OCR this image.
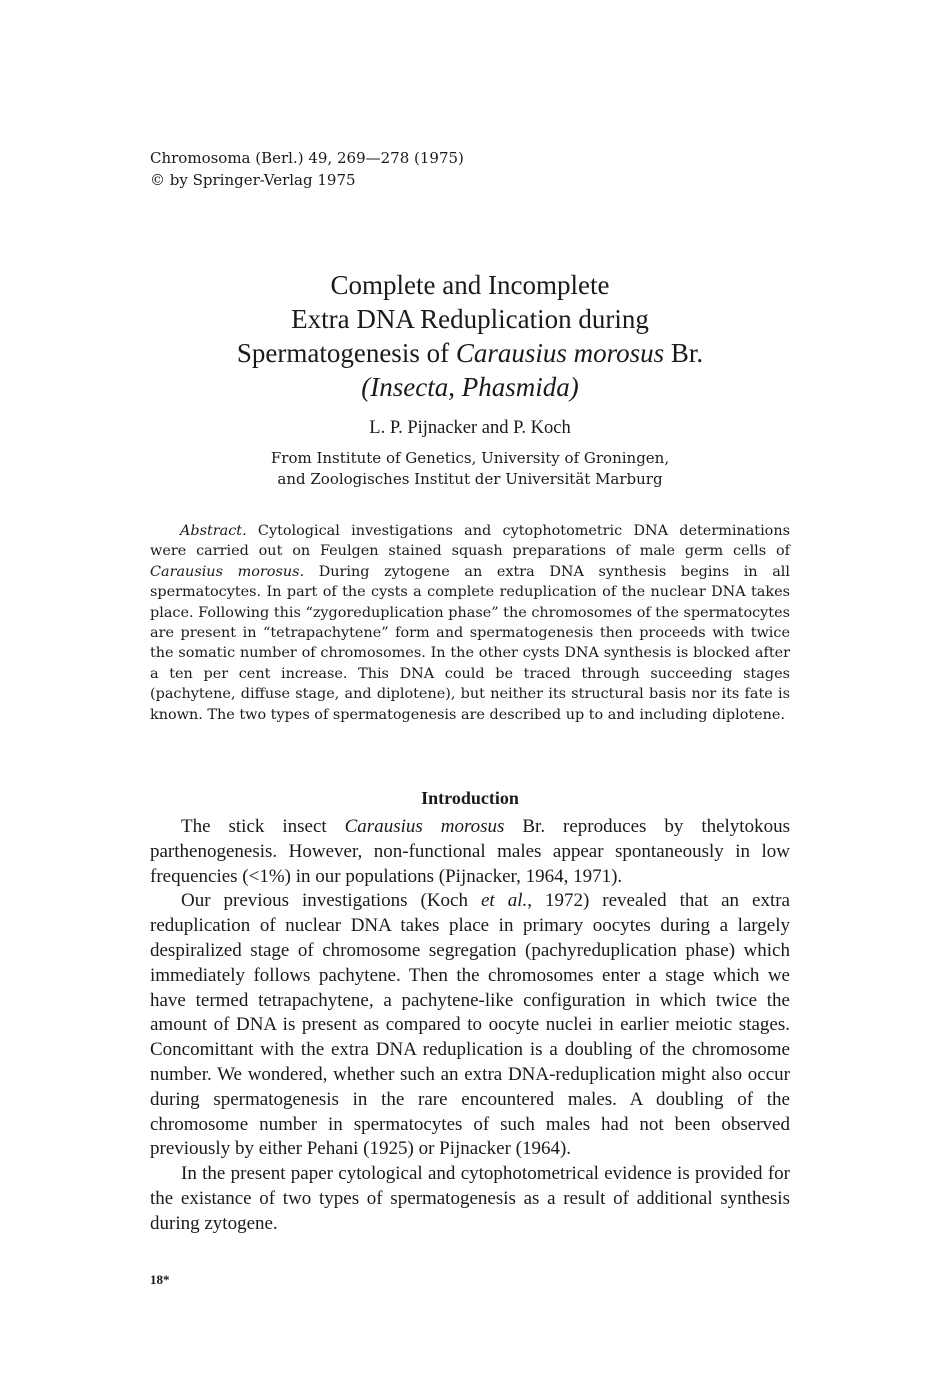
Chromosoma (Berl.) 49, 269—278 (1975)
© by Springer-Verlag 1975
Complete and Incomplete
Extra DNA Reduplication during
Spermatogenesis of Carausius morosus Br.
(Insecta, Phasmida)
L. P. Pijnacker and P. Koch
From Institute of Genetics, University of Groningen,
and Zoologisches Institut der Universität Marburg

Abstract. Cytological investigations and cytophotometric DNA determinations were carried out on Feulgen stained squash preparations of male germ cells of Carausius morosus. During zytogene an extra DNA synthesis begins in all spermatocytes. In part of the cysts a complete reduplication of the nuclear DNA takes place. Following this “zygoreduplication phase” the chromosomes of the spermatocytes are present in “tetrapachytene” form and spermatogenesis then proceeds with twice the somatic number of chromosomes. In the other cysts DNA synthesis is blocked after a ten per cent increase. This DNA could be traced through succeeding stages (pachytene, diffuse stage, and diplotene), but neither its structural basis nor its fate is known. The two types of spermatogenesis are described up to and including diplotene.

Introduction

The stick insect Carausius morosus Br. reproduces by thelytokous parthenogenesis. However, non-functional males appear spontaneously in low frequencies (<1%) in our populations (Pijnacker, 1964, 1971).

Our previous investigations (Koch et al., 1972) revealed that an extra reduplication of nuclear DNA takes place in primary oocytes during a largely despiralized stage of chromosome segregation (pachyreduplication phase) which immediately follows pachytene. Then the chromosomes enter a stage which we have termed tetrapachytene, a pachytene-like configuration in which twice the amount of DNA is present as compared to oocyte nuclei in earlier meiotic stages. Concomittant with the extra DNA reduplication is a doubling of the chromosome number. We wondered, whether such an extra DNA-reduplication might also occur during spermatogenesis in the rare encountered males. A doubling of the chromosome number in spermatocytes of such males had not been observed previously by either Pehani (1925) or Pijnacker (1964).

In the present paper cytological and cytophotometrical evidence is provided for the existance of two types of spermatogenesis as a result of additional synthesis during zytogene.

18*
